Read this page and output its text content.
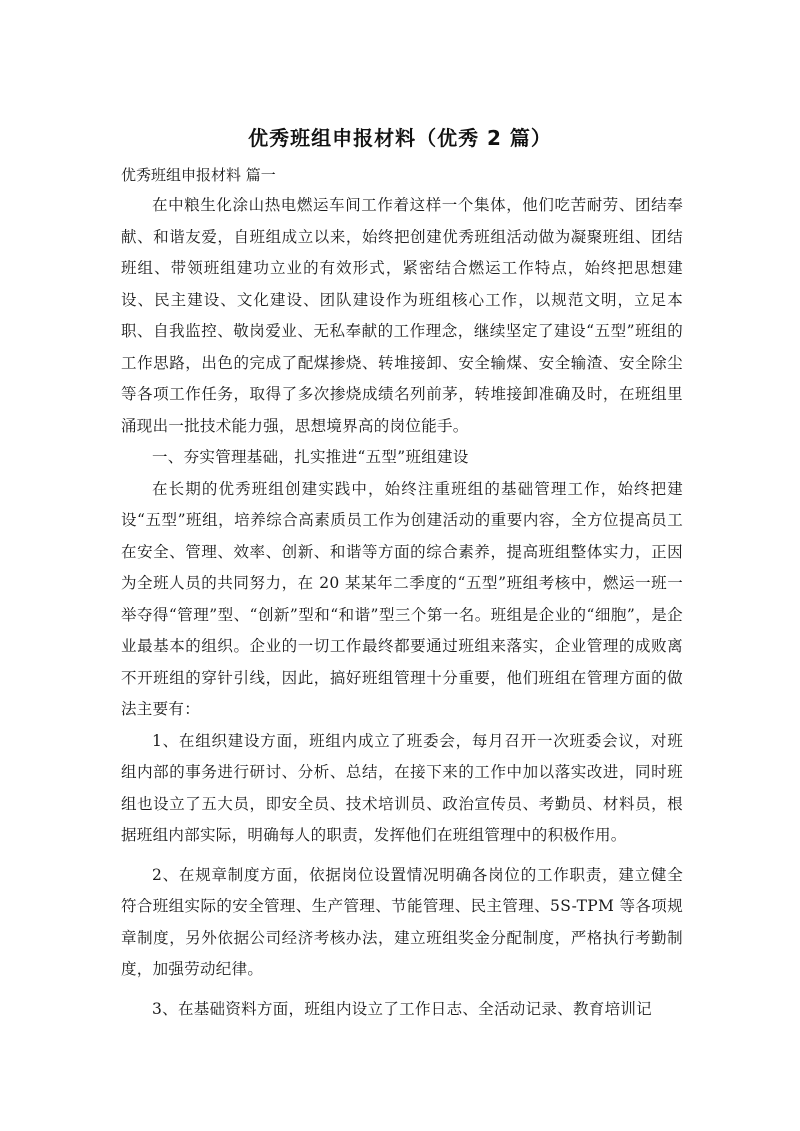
优秀班组申报材料（优秀 2 篇）
优秀班组申报材料 篇一

在中粮生化涂山热电燃运车间工作着这样一个集体，他们吃苦耐劳、团结奉献、和谐友爱，自班组成立以来，始终把创建优秀班组活动做为凝聚班组、团结班组、带领班组建功立业的有效形式，紧密结合燃运工作特点，始终把思想建设、民主建设、文化建设、团队建设作为班组核心工作，以规范文明，立足本职、自我监控、敬岗爱业、无私奉献的工作理念，继续坚定了建设“五型”班组的工作思路，出色的完成了配煤掺烧、转堆接卸、安全输煤、安全输渣、安全除尘等各项工作任务，取得了多次掺烧成绩名列前茅，转堆接卸准确及时，在班组里涌现出一批技术能力强，思想境界高的岗位能手。

一、夯实管理基础，扎实推进“五型”班组建设

在长期的优秀班组创建实践中，始终注重班组的基础管理工作，始终把建设“五型”班组，培养综合高素质员工作为创建活动的重要内容，全方位提高员工在安全、管理、效率、创新、和谐等方面的综合素养，提高班组整体实力，正因为全班人员的共同努力，在 20 某某年二季度的“五型”班组考核中，燃运一班一举夺得“管理”型、“创新”型和“和谐”型三个第一名。班组是企业的“细胞”，是企业最基本的组织。企业的一切工作最终都要通过班组来落实，企业管理的成败离不开班组的穿针引线，因此，搞好班组管理十分重要，他们班组在管理方面的做法主要有：

1、在组织建设方面，班组内成立了班委会，每月召开一次班委会议，对班组内部的事务进行研讨、分析、总结，在接下来的工作中加以落实改进，同时班组也设立了五大员，即安全员、技术培训员、政治宣传员、考勤员、材料员，根据班组内部实际，明确每人的职责，发挥他们在班组管理中的积极作用。

2、在规章制度方面，依据岗位设置情况明确各岗位的工作职责，建立健全符合班组实际的安全管理、生产管理、节能管理、民主管理、5S-TPM 等各项规章制度，另外依据公司经济考核办法，建立班组奖金分配制度，严格执行考勤制度，加强劳动纪律。

3、在基础资料方面，班组内设立了工作日志、全活动记录、教育培训记
